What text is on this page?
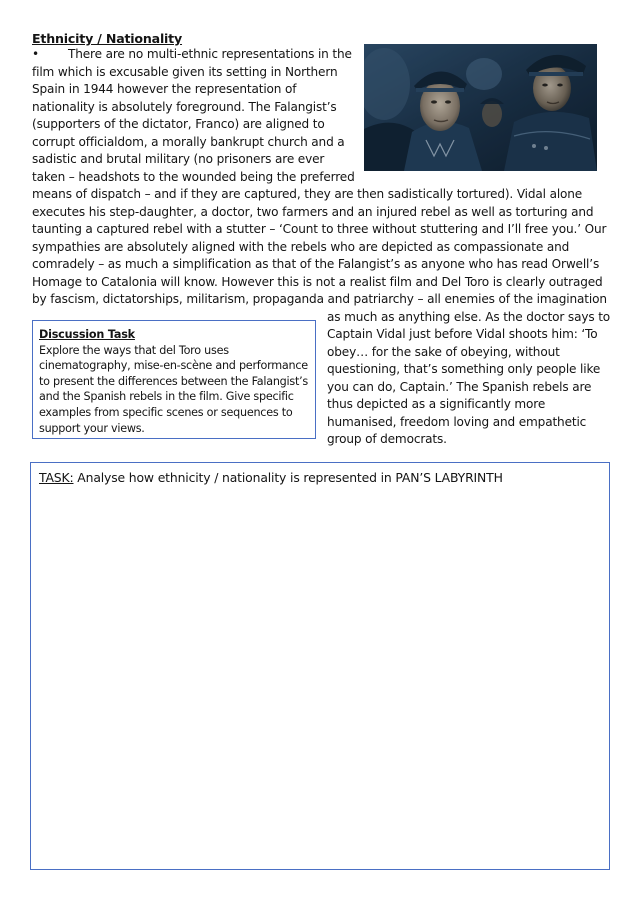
Ethnicity / Nationality

• There are no multi-ethnic representations in the

film which is excusable given its setting in Northern

Spain in 1944 however the representation of

nationality is absolutely foreground. The Falangist’s

(supporters of the dictator, Franco) are aligned to

corrupt officialdom, a morally bankrupt church and a

sadistic and brutal military (no prisoners are ever

taken – headshots to the wounded being the preferred

means of dispatch – and if they are captured, they are then sadistically tortured). Vidal alone

executes his step-daughter, a doctor, two farmers and an injured rebel as well as torturing and

taunting a captured rebel with a stutter – ‘Count to three without stuttering and I’ll free you.’ Our

sympathies are absolutely aligned with the rebels who are depicted as compassionate and

comradely – as much a simplification as that of the Falangist’s as anyone who has read Orwell’s

Homage to Catalonia will know. However this is not a realist film and Del Toro is clearly outraged

by fascism, dictatorships, militarism, propaganda and patriarchy – all enemies of the imagination

as much as anything else. As the doctor says to

Captain Vidal just before Vidal shoots him: ‘To

obey… for the sake of obeying, without

questioning, that’s something only people like

you can do, Captain.’ The Spanish rebels are

thus depicted as a significantly more

humanised, freedom loving and empathetic

group of democrats.

Discussion Task

Explore the ways that del Toro uses

cinematography, mise-en-scène and performance

to present the differences between the Falangist’s

and the Spanish rebels in the film. Give specific

examples from specific scenes or sequences to

support your views.

TASK: Analyse how ethnicity / nationality is represented in PAN’S LABYRINTH
